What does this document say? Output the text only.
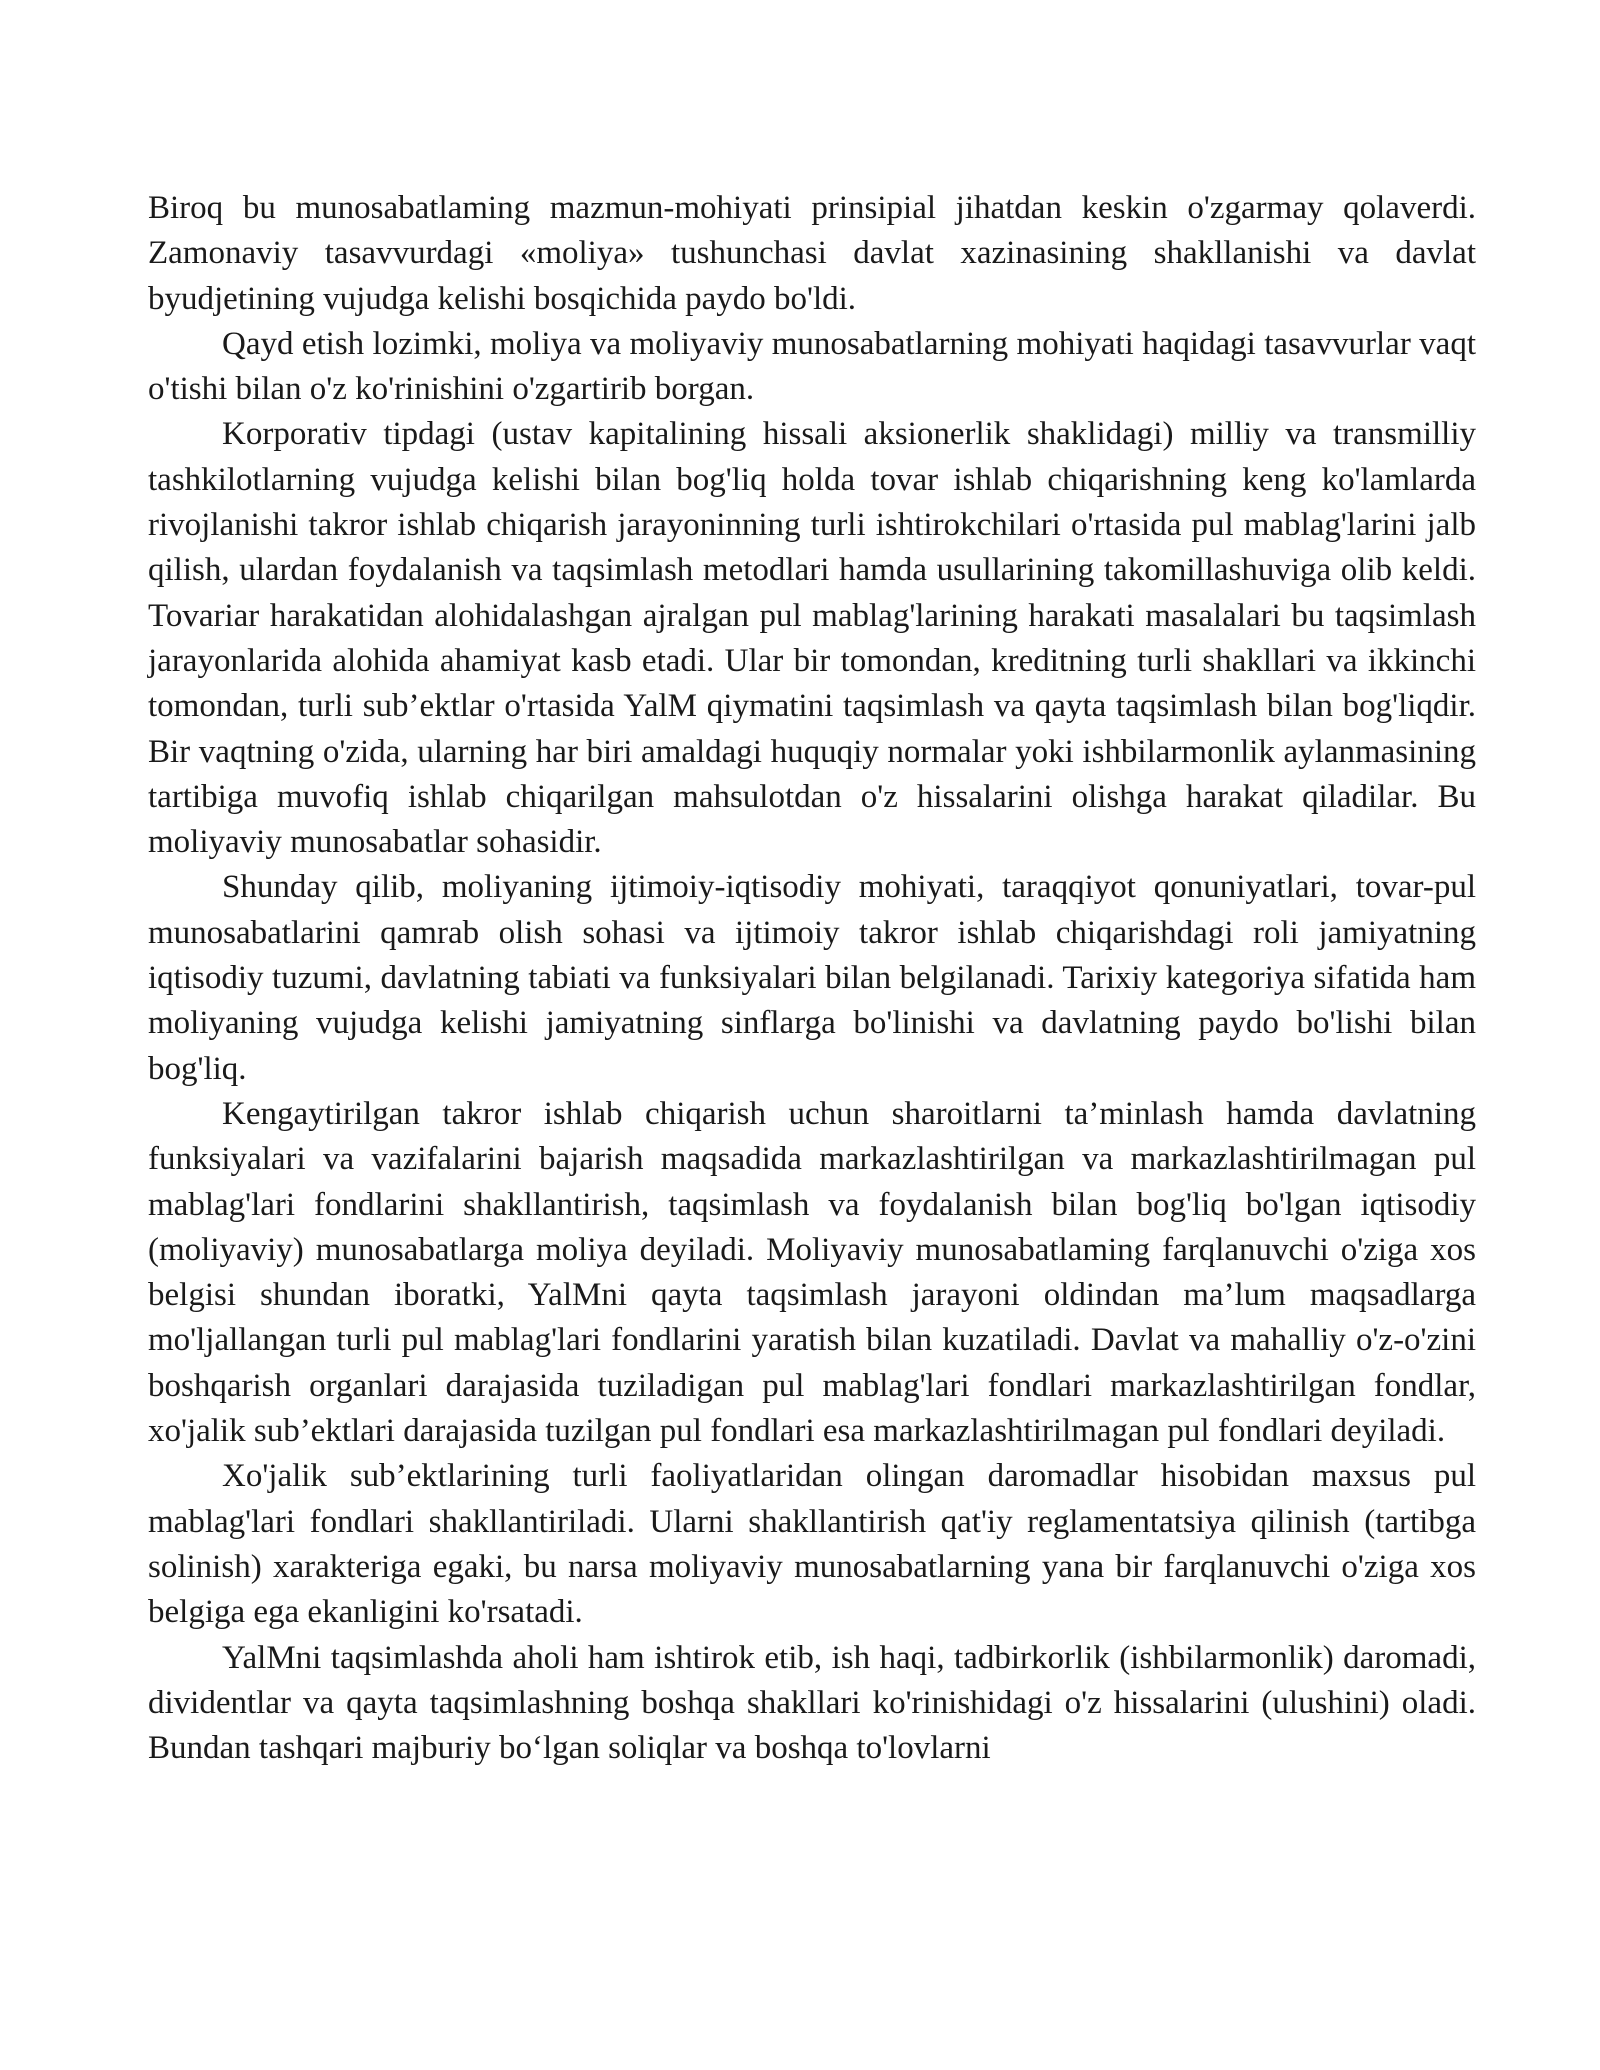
Biroq bu munosabatlaming mazmun-mohiyati prinsipial jihatdan keskin o'zgarmay qolaverdi. Zamonaviy tasavvurdagi «moliya» tushunchasi davlat xazinasining shakllanishi va davlat byudjetining vujudga kelishi bosqichida paydo bo'ldi.

Qayd etish lozimki, moliya va moliyaviy munosabatlarning mohiyati haqidagi tasavvurlar vaqt o'tishi bilan o'z ko'rinishini o'zgartirib borgan.

Korporativ tipdagi (ustav kapitalining hissali aksionerlik shaklidagi) milliy va transmilliy tashkilotlarning vujudga kelishi bilan bog'liq holda tovar ishlab chiqarishning keng ko'lamlarda rivojlanishi takror ishlab chiqarish jarayoninning turli ishtirokchilari o'rtasida pul mablag'larini jalb qilish, ulardan foydalanish va taqsimlash metodlari hamda usullarining takomillashuviga olib keldi. Tovariar harakatidan alohidalashgan ajralgan pul mablag'larining harakati masalalari bu taqsimlash jarayonlarida alohida ahamiyat kasb etadi. Ular bir tomondan, kreditning turli shakllari va ikkinchi tomondan, turli sub’ektlar o'rtasida YalM qiymatini taqsimlash va qayta taqsimlash bilan bog'liqdir. Bir vaqtning o'zida, ularning har biri amaldagi huquqiy normalar yoki ishbilarmonlik aylanmasining tartibiga muvofiq ishlab chiqarilgan mahsulotdan o'z hissalarini olishga harakat qiladilar. Bu moliyaviy munosabatlar sohasidir.

Shunday qilib, moliyaning ijtimoiy-iqtisodiy mohiyati, taraqqiyot qonuniyatlari, tovar-pul munosabatlarini qamrab olish sohasi va ijtimoiy takror ishlab chiqarishdagi roli jamiyatning iqtisodiy tuzumi, davlatning tabiati va funksiyalari bilan belgilanadi. Tarixiy kategoriya sifatida ham moliyaning vujudga kelishi jamiyatning sinflarga bo'linishi va davlatning paydo bo'lishi bilan bog'liq.

Kengaytirilgan takror ishlab chiqarish uchun sharoitlarni ta’minlash hamda davlatning funksiyalari va vazifalarini bajarish maqsadida markazlashtirilgan va markazlashtirilmagan pul mablag'lari fondlarini shakllantirish, taqsimlash va foydalanish bilan bog'liq bo'lgan iqtisodiy (moliyaviy) munosabatlarga moliya deyiladi. Moliyaviy munosabatlaming farqlanuvchi o'ziga xos belgisi shundan iboratki, YalMni qayta taqsimlash jarayoni oldindan ma’lum maqsadlarga mo'ljallangan turli pul mablag'lari fondlarini yaratish bilan kuzatiladi. Davlat va mahalliy o'z-o'zini boshqarish organlari darajasida tuziladigan pul mablag'lari fondlari markazlashtirilgan fondlar, xo'jalik sub’ektlari darajasida tuzilgan pul fondlari esa markazlashtirilmagan pul fondlari deyiladi.

Xo'jalik sub’ektlarining turli faoliyatlaridan olingan daromadlar hisobidan maxsus pul mablag'lari fondlari shakllantiriladi. Ularni shakllantirish qat'iy reglamentatsiya qilinish (tartibga solinish) xarakteriga egaki, bu narsa moliyaviy munosabatlarning yana bir farqlanuvchi o'ziga xos belgiga ega ekanligini ko'rsatadi.

YalMni taqsimlashda aholi ham ishtirok etib, ish haqi, tadbirkorlik (ishbilarmonlik) daromadi, dividentlar va qayta taqsimlashning boshqa shakllari ko'rinishidagi o'z hissalarini (ulushini) oladi. Bundan tashqari majburiy bo‘lgan soliqlar va boshqa to'lovlarni
